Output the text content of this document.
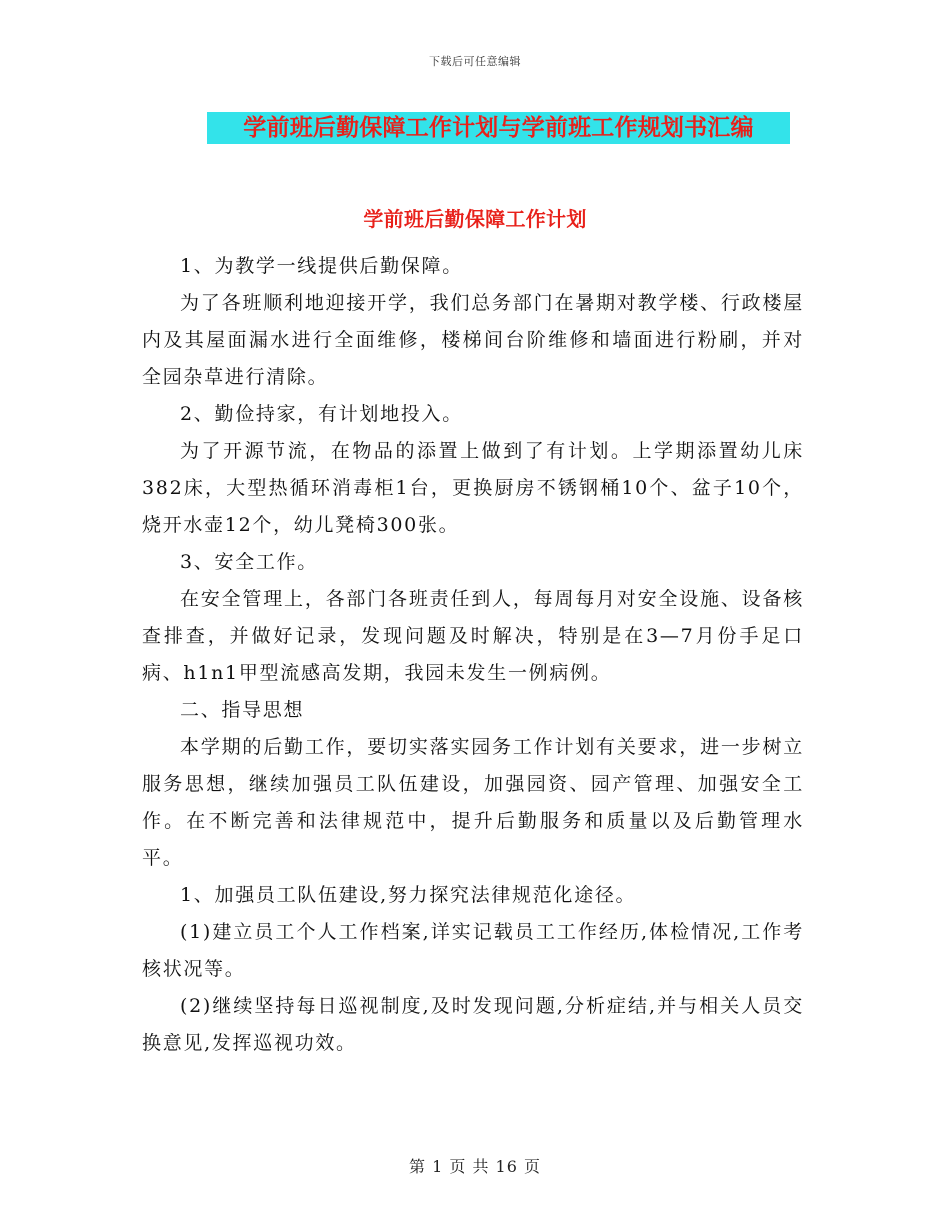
下载后可任意编辑
学前班后勤保障工作计划与学前班工作规划书汇编
学前班后勤保障工作计划

1、为教学一线提供后勤保障。

为了各班顺利地迎接开学，我们总务部门在暑期对教学楼、行政楼屋内及其屋面漏水进行全面维修，楼梯间台阶维修和墙面进行粉刷，并对全园杂草进行清除。

2、勤俭持家，有计划地投入。

为了开源节流，在物品的添置上做到了有计划。上学期添置幼儿床382床，大型热循环消毒柜1台，更换厨房不锈钢桶10个、盆子10个，烧开水壶12个，幼儿凳椅300张。

3、安全工作。

在安全管理上，各部门各班责任到人，每周每月对安全设施、设备核查排查，并做好记录，发现问题及时解决，特别是在3—7月份手足口病、h1n1甲型流感高发期，我园未发生一例病例。

二、指导思想

本学期的后勤工作，要切实落实园务工作计划有关要求，进一步树立服务思想，继续加强员工队伍建设，加强园资、园产管理、加强安全工作。在不断完善和法律规范中，提升后勤服务和质量以及后勤管理水平。

1、加强员工队伍建设,努力探究法律规范化途径。

(1)建立员工个人工作档案,详实记载员工工作经历,体检情况,工作考核状况等。

(2)继续坚持每日巡视制度,及时发现问题,分析症结,并与相关人员交换意见,发挥巡视功效。

第 1 页 共 16 页
